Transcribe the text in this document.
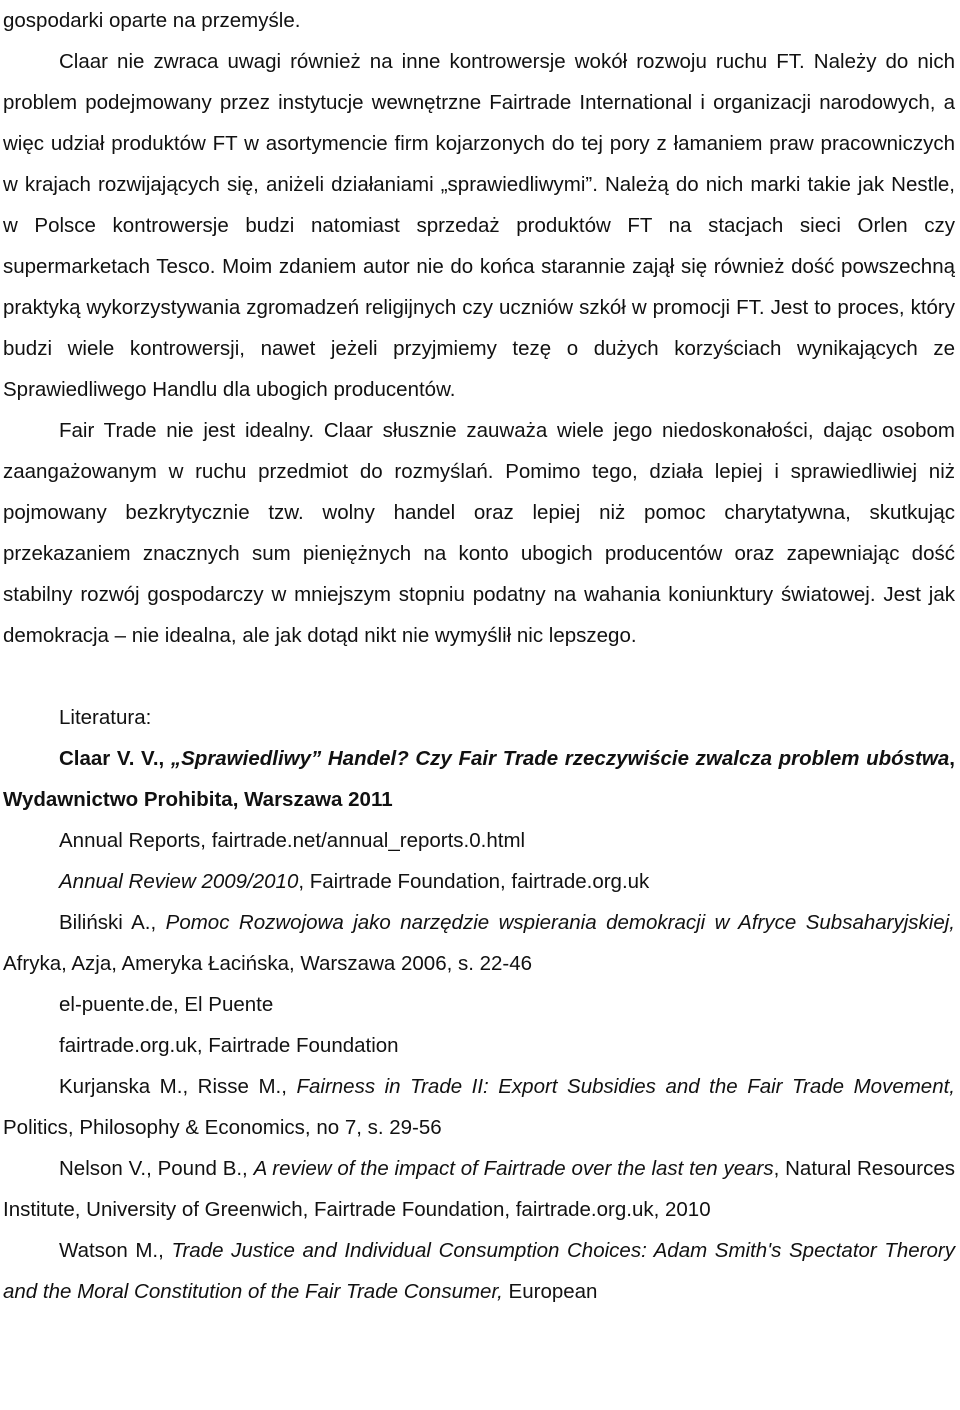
gospodarki oparte na przemyśle.

Claar nie zwraca uwagi również na inne kontrowersje wokół rozwoju ruchu FT. Należy do nich problem podejmowany przez instytucje wewnętrzne Fairtrade International i organizacji narodowych, a więc udział produktów FT w asortymencie firm kojarzonych do tej pory z łamaniem praw pracowniczych w krajach rozwijających się, aniżeli działaniami „sprawiedliwymi”. Należą do nich marki takie jak Nestle, w Polsce kontrowersje budzi natomiast sprzedaż produktów FT na stacjach sieci Orlen czy supermarketach Tesco. Moim zdaniem autor nie do końca starannie zajął się również dość powszechną praktyką wykorzystywania zgromadzeń religijnych czy uczniów szkół w promocji FT. Jest to proces, który budzi wiele kontrowersji, nawet jeżeli przyjmiemy tezę o dużych korzyściach wynikających ze Sprawiedliwego Handlu dla ubogich producentów.

Fair Trade nie jest idealny. Claar słusznie zauważa wiele jego niedoskonałości, dając osobom zaangażowanym w ruchu przedmiot do rozmyślań. Pomimo tego, działa lepiej i sprawiedliwiej niż pojmowany bezkrytycznie tzw. wolny handel oraz lepiej niż pomoc charytatywna, skutkując przekazaniem znacznych sum pieniężnych na konto ubogich producentów oraz zapewniając dość stabilny rozwój gospodarczy w mniejszym stopniu podatny na wahania koniunktury światowej. Jest jak demokracja – nie idealna, ale jak dotąd nikt nie wymyślił nic lepszego.

Literatura:

Claar V. V., „Sprawiedliwy” Handel? Czy Fair Trade rzeczywiście zwalcza problem ubóstwa, Wydawnictwo Prohibita, Warszawa 2011

Annual Reports, fairtrade.net/annual_reports.0.html

Annual Review 2009/2010, Fairtrade Foundation, fairtrade.org.uk

Biliński A., Pomoc Rozwojowa jako narzędzie wspierania demokracji w Afryce Subsaharyjskiej, Afryka, Azja, Ameryka Łacińska, Warszawa 2006, s. 22-46

el-puente.de, El Puente

fairtrade.org.uk, Fairtrade Foundation

Kurjanska M., Risse M., Fairness in Trade II: Export Subsidies and the Fair Trade Movement, Politics, Philosophy & Economics, no 7, s. 29-56

Nelson V., Pound B., A review of the impact of Fairtrade over the last ten years, Natural Resources Institute, University of Greenwich, Fairtrade Foundation, fairtrade.org.uk, 2010

Watson M., Trade Justice and Individual Consumption Choices: Adam Smith's Spectator Therory and the Moral Constitution of the Fair Trade Consumer, European
